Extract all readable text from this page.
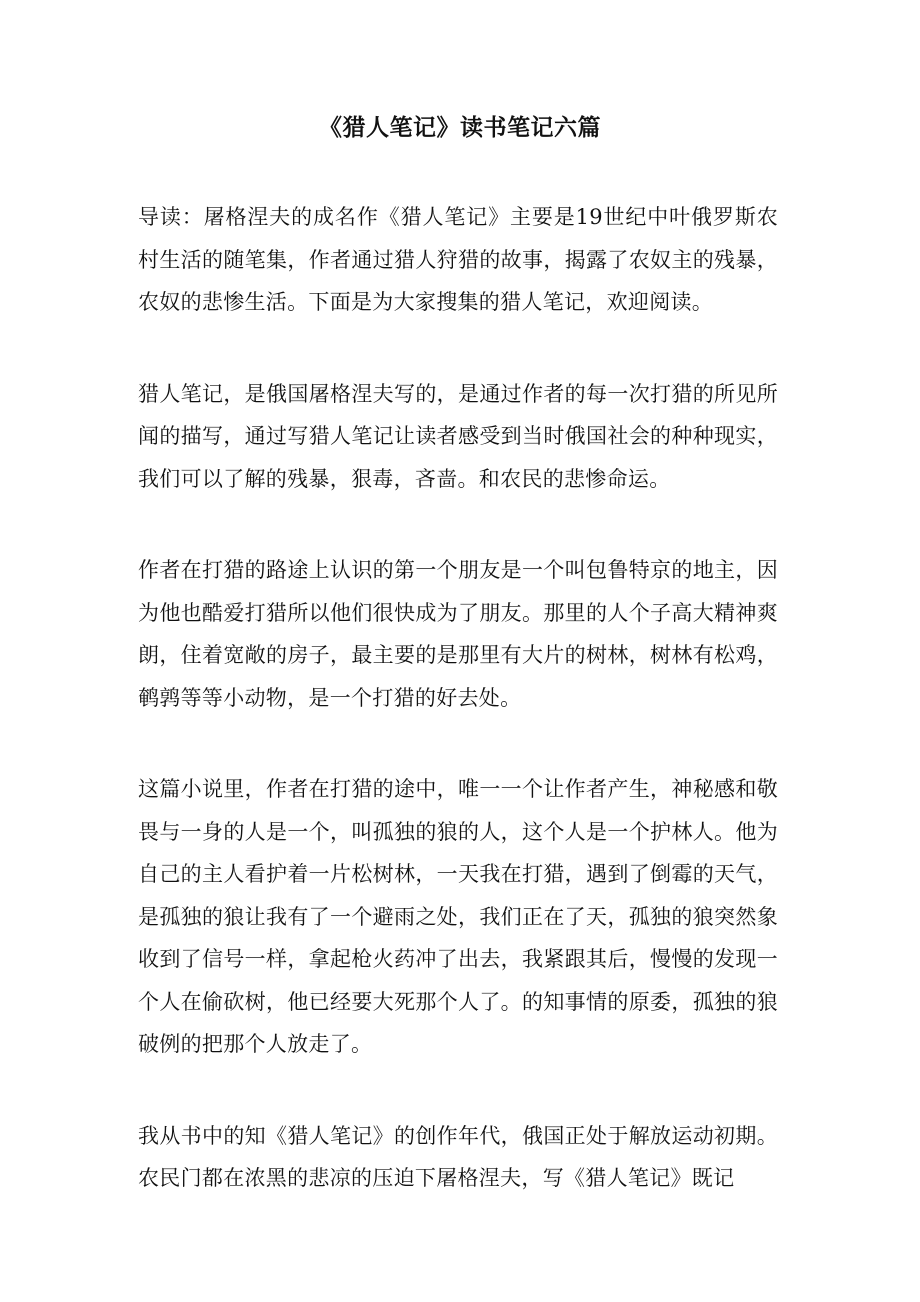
《猎人笔记》读书笔记六篇

导读：屠格涅夫的成名作《猎人笔记》主要是19世纪中叶俄罗斯农村生活的随笔集，作者通过猎人狩猎的故事，揭露了农奴主的残暴，农奴的悲惨生活。下面是为大家搜集的猎人笔记，欢迎阅读。

猎人笔记，是俄国屠格涅夫写的，是通过作者的每一次打猎的所见所闻的描写，通过写猎人笔记让读者感受到当时俄国社会的种种现实，我们可以了解的残暴，狠毒，吝啬。和农民的悲惨命运。

作者在打猎的路途上认识的第一个朋友是一个叫包鲁特京的地主，因为他也酷爱打猎所以他们很快成为了朋友。那里的人个子高大精神爽朗，住着宽敞的房子，最主要的是那里有大片的树林，树林有松鸡，鹌鹑等等小动物，是一个打猎的好去处。

这篇小说里，作者在打猎的途中，唯一一个让作者产生，神秘感和敬畏与一身的人是一个，叫孤独的狼的人，这个人是一个护林人。他为自己的主人看护着一片松树林，一天我在打猎，遇到了倒霉的天气，是孤独的狼让我有了一个避雨之处，我们正在了天，孤独的狼突然象收到了信号一样，拿起枪火药冲了出去，我紧跟其后，慢慢的发现一个人在偷砍树，他已经要大死那个人了。的知事情的原委，孤独的狼破例的把那个人放走了。

我从书中的知《猎人笔记》的创作年代，俄国正处于解放运动初期。农民门都在浓黑的悲凉的压迫下屠格涅夫，写《猎人笔记》既记
